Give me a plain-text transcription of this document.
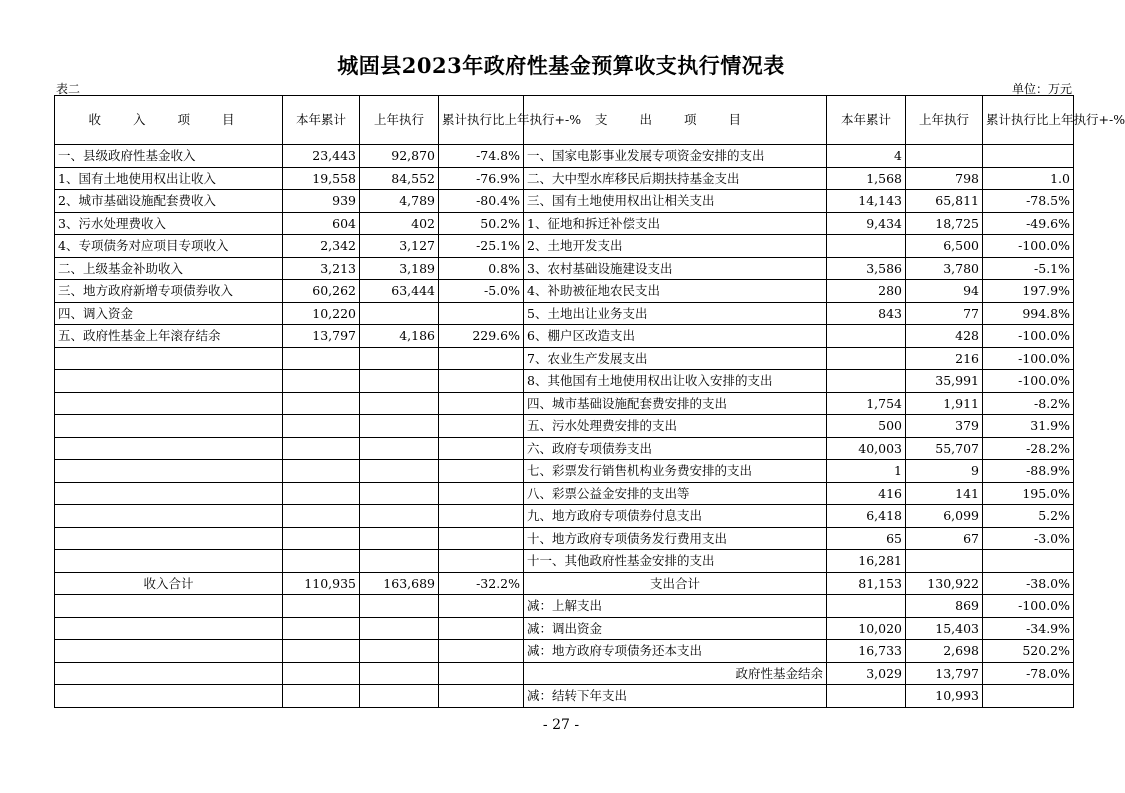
城固县2023年政府性基金预算收支执行情况表
表二	单位：万元
收 入 项 目	本年累计	上年执行	累计执行比上年执行+-%	支 出 项 目	本年累计	上年执行	累计执行比上年执行+-%
一、县级政府性基金收入	23,443	92,870	-74.8%	一、国家电影事业发展专项资金安排的支出	4		
1、国有土地使用权出让收入	19,558	84,552	-76.9%	二、大中型水库移民后期扶持基金支出	1,568	798	1.0
2、城市基础设施配套费收入	939	4,789	-80.4%	三、国有土地使用权出让相关支出	14,143	65,811	-78.5%
3、污水处理费收入	604	402	50.2%	1、征地和拆迁补偿支出	9,434	18,725	-49.6%
4、专项债务对应项目专项收入	2,342	3,127	-25.1%	2、土地开发支出		6,500	-100.0%
二、上级基金补助收入	3,213	3,189	0.8%	3、农村基础设施建设支出	3,586	3,780	-5.1%
三、地方政府新增专项债券收入	60,262	63,444	-5.0%	4、补助被征地农民支出	280	94	197.9%
四、调入资金	10,220			5、土地出让业务支出	843	77	994.8%
五、政府性基金上年滚存结余	13,797	4,186	229.6%	6、棚户区改造支出		428	-100.0%
				7、农业生产发展支出		216	-100.0%
				8、其他国有土地使用权出让收入安排的支出		35,991	-100.0%
				四、城市基础设施配套费安排的支出	1,754	1,911	-8.2%
				五、污水处理费安排的支出	500	379	31.9%
				六、政府专项债券支出	40,003	55,707	-28.2%
				七、彩票发行销售机构业务费安排的支出	1	9	-88.9%
				八、彩票公益金安排的支出等	416	141	195.0%
				九、地方政府专项债券付息支出	6,418	6,099	5.2%
				十、地方政府专项债务发行费用支出	65	67	-3.0%
				十一、其他政府性基金安排的支出	16,281		
收入合计	110,935	163,689	-32.2%	支出合计	81,153	130,922	-38.0%
				减：上解支出		869	-100.0%
				减：调出资金	10,020	15,403	-34.9%
				减：地方政府专项债务还本支出	16,733	2,698	520.2%
				政府性基金结余	3,029	13,797	-78.0%
				减：结转下年支出		10,993	
- 27 -
